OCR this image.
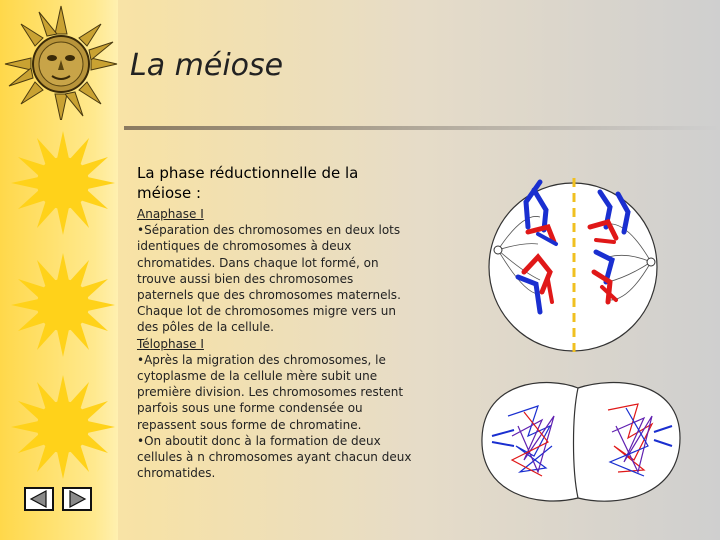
La méiose
La phase réductionnelle de la méiose :

Anaphase I

•Séparation des chromosomes en deux lots identiques de chromosomes à deux chromatides. Dans chaque lot formé, on trouve aussi bien des chromosomes paternels que des chromosomes maternels. Chaque lot de chromosomes migre vers un des pôles de la cellule.

Télophase I

•Après la migration des chromosomes, le cytoplasme de la cellule mère subit une première division. Les chromosomes restent parfois sous une forme condensée ou repassent sous forme de chromatine.

•On aboutit donc à la formation de deux cellules à n chromosomes ayant chacun deux chromatides.
